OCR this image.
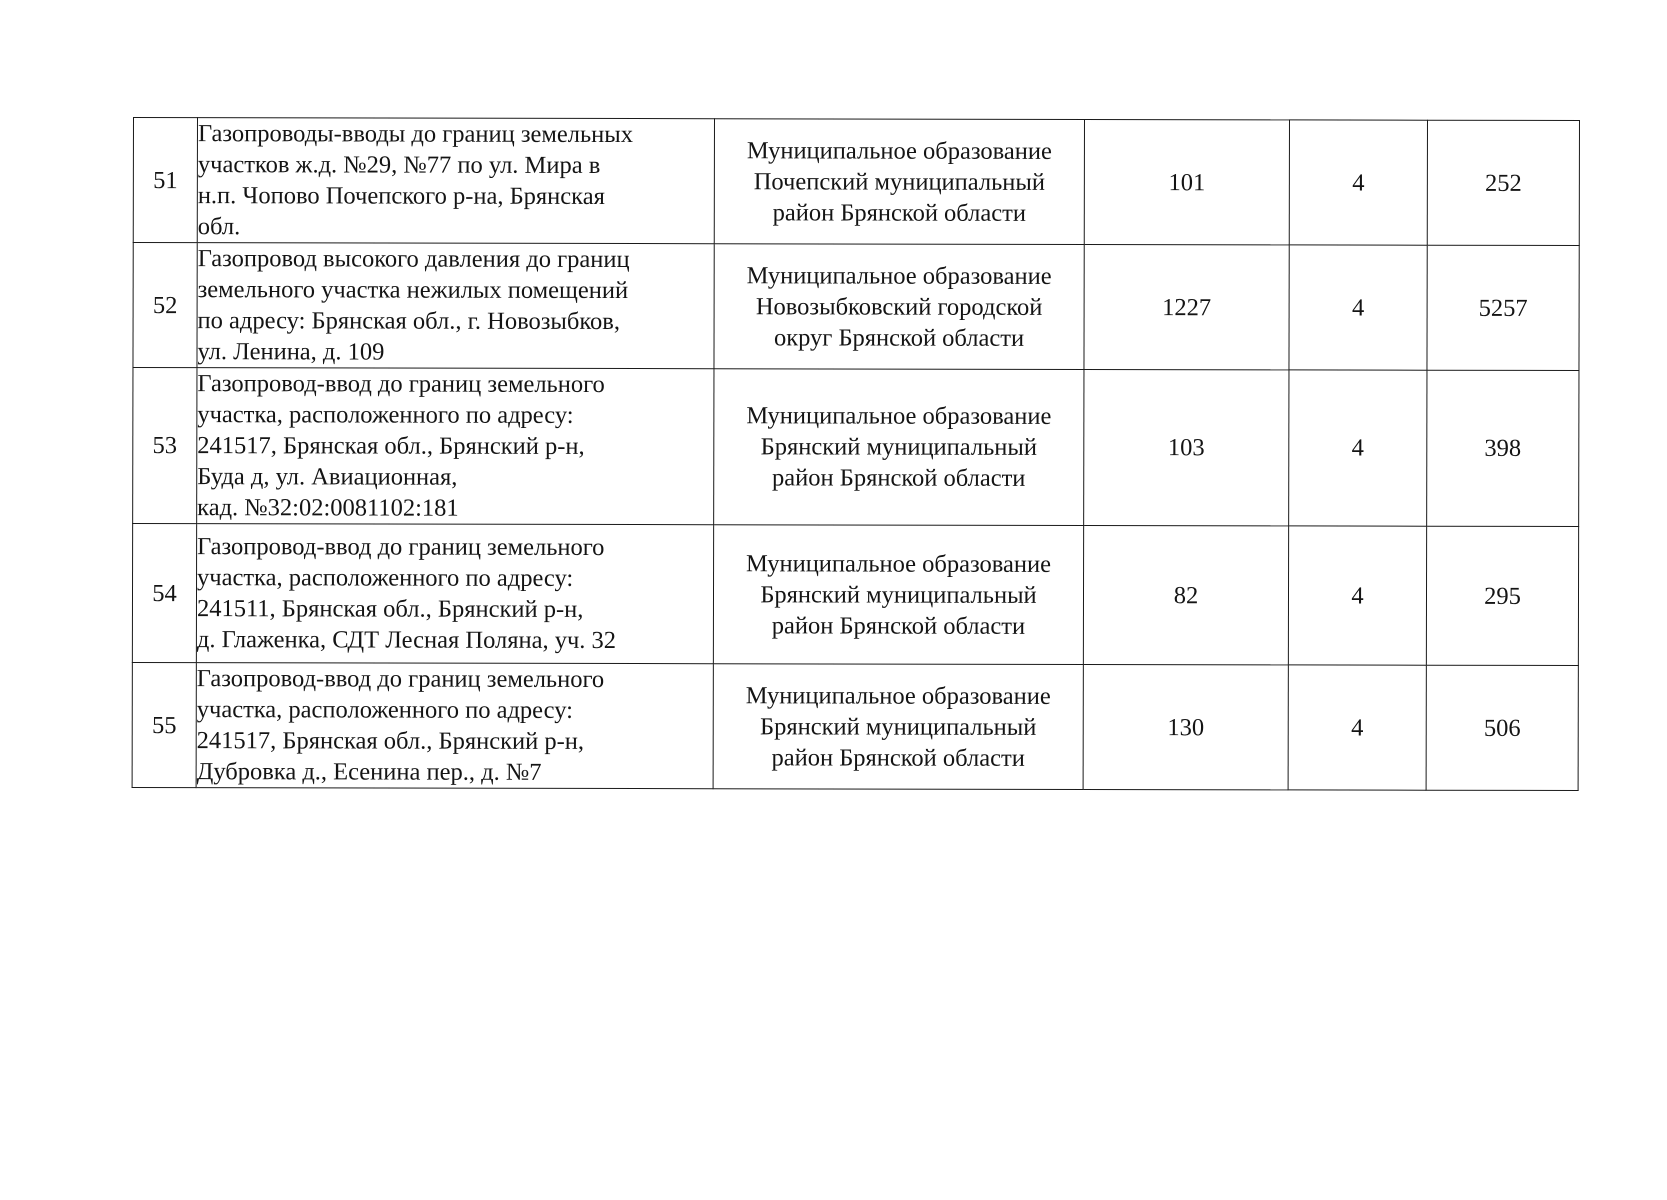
51	Газопроводы-вводы до границ земельных
участков ж.д. №29, №77 по ул. Мира в
н.п. Чопово Почепского р-на, Брянская
обл.	Муниципальное образование
Почепский муниципальный
район Брянской области	101	4	252
52	Газопровод высокого давления до границ
земельного участка нежилых помещений
по адресу: Брянская обл., г. Новозыбков,
ул. Ленина, д. 109	Муниципальное образование
Новозыбковский городской
округ Брянской области	1227	4	5257
53	Газопровод-ввод до границ земельного
участка, расположенного по адресу:
241517, Брянская обл., Брянский р-н,
Буда д, ул. Авиационная,
кад. №32:02:0081102:181	Муниципальное образование
Брянский муниципальный
район Брянской области	103	4	398
54	Газопровод-ввод до границ земельного
участка, расположенного по адресу:
241511, Брянская обл., Брянский р-н,
д. Глаженка, СДТ Лесная Поляна, уч. 32	Муниципальное образование
Брянский муниципальный
район Брянской области	82	4	295
55	Газопровод-ввод до границ земельного
участка, расположенного по адресу:
241517, Брянская обл., Брянский р-н,
Дубровка д., Есенина пер., д. №7	Муниципальное образование
Брянский муниципальный
район Брянской области	130	4	506
